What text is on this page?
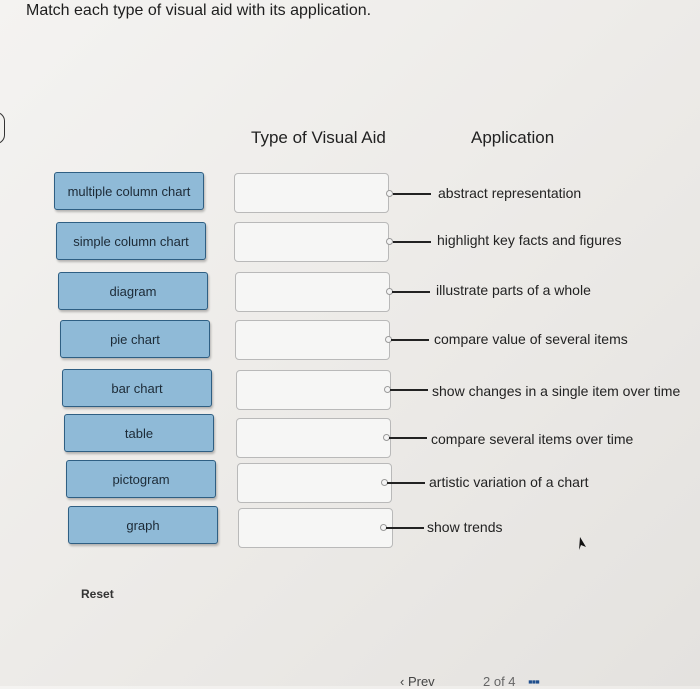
Match each type of visual aid with its application.
Type of Visual Aid	Application
multiple column chart
simple column chart
diagram
pie chart
bar chart
table
pictogram
graph
abstract representation
highlight key facts and figures
illustrate parts of a whole
compare value of several items
show changes in a single item over time
compare several items over time
artistic variation of a chart
show trends
Reset
‹ Prev	2 of 4 ▪▪▪
